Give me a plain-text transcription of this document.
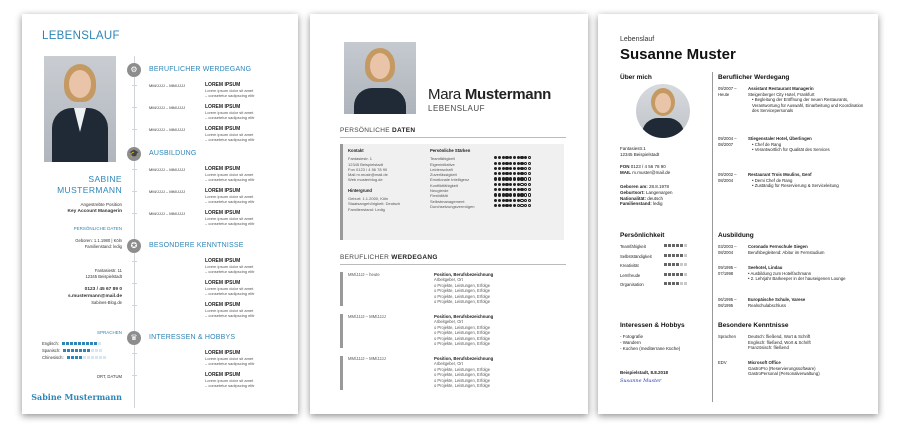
LEBENSLAUF
SABINE
MUSTERMANN
Angestrebte Position
Key Account Managerin
PERSÖNLICHE DATEN
Geboren: 1.1.1980 | Köln
Familienstand: ledig
Fantasiestr. 11
12345 Beispielstadt
0123 / 45 67 89 0
s.mustermann@mail.de
Sabines-Blog.de
SPRACHEN
Englisch:
Spanisch:
Chinesisch:
ORT, DATUM
Sabine Mustermann
⚙	BERUFLICHER WERDEGANG
MM/JJJJ – MM/JJJJ	LOREM IPSUM
Lorem ipsum dolor sit amet
– consetetur sadipscing elitr
MM/JJJJ – MM/JJJJ	LOREM IPSUM
Lorem ipsum dolor sit amet
– consetetur sadipscing elitr
MM/JJJJ – MM/JJJJ	LOREM IPSUM
Lorem ipsum dolor sit amet
– consetetur sadipscing elitr
🎓 AUSBILDUNG
MM/JJJJ – MM/JJJJ	LOREM IPSUM
Lorem ipsum dolor sit amet
– consetetur sadipscing elitr
MM/JJJJ – MM/JJJJ	LOREM IPSUM
Lorem ipsum dolor sit amet
– consetetur sadipscing elitr
MM/JJJJ – MM/JJJJ	LOREM IPSUM
Lorem ipsum dolor sit amet
– consetetur sadipscing elitr
✪	BESONDERE KENNTNISSE
LOREM IPSUM
Lorem ipsum dolor sit amet
– consetetur sadipscing elitr
LOREM IPSUM
Lorem ipsum dolor sit amet
– consetetur sadipscing elitr
LOREM IPSUM
Lorem ipsum dolor sit amet
– consetetur sadipscing elitr
♛	INTERESSEN & HOBBYS
LOREM IPSUM
Lorem ipsum dolor sit amet
– consetetur sadipscing elitr
LOREM IPSUM
Lorem ipsum dolor sit amet
– consetetur sadipscing elitr
Mara Mustermann
LEBENSLAUF
PERSÖNLICHE DATEN
Kontakt
Fantasiestr. 1
12345 Beispielstadt
Fon 0123 / 4 56 78 90
Mail m.mustr@mail.de
Web musterblog.de
Hintergrund
Geburt: 1.1.2000, Köln
Staatsangehörigkeit: Deutsch
Familienstand: Ledig
Persönliche Stärken
Teamfähigkeit
Eigeninitiative
Leidenschaft
Zuverlässigkeit
Emotionale Intelligenz
Konfliktfähigkeit
Neugierde
Flexibilität
Selbstmanagement
Durchsetzungsvermögen
BERUFLICHER WERDEGANG
MM/JJJJ – heute	Position, Berufsbezeichnung
Arbeitgeber, Ort
o Projekte, Leistungen, Erfolge
o Projekte, Leistungen, Erfolge
o Projekte, Leistungen, Erfolge
o Projekte, Leistungen, Erfolge
MM/JJJJ – MM/JJJJ	Position, Berufsbezeichnung
Arbeitgeber, Ort
o Projekte, Leistungen, Erfolge
o Projekte, Leistungen, Erfolge
o Projekte, Leistungen, Erfolge
o Projekte, Leistungen, Erfolge
MM/JJJJ – MM/JJJJ	Position, Berufsbezeichnung
Arbeitgeber, Ort
o Projekte, Leistungen, Erfolge
o Projekte, Leistungen, Erfolge
o Projekte, Leistungen, Erfolge
o Projekte, Leistungen, Erfolge
Lebenslauf
Susanne Muster
Über mich
Fantasiestr.1
12345 Beispielstadt
FON 0123 / 4 56 78 90
MAIL m.muster@mail.de
Geboren am: 28.8.1978
Geburtsort: Langenargen
Nationalität: deutsch
Familienstand: ledig
Persönlichkeit
Teamfähigkeit
Selbstständigkeit
Kreativität
Lernfreude
Organisation
Interessen & Hobbys
- Fotografie
- Wandern
- Kochen (mediterrane Küche)
Beispielstadt, 8.8.2018
Susanne Muster
Beruflicher Werdegang
09/2007 –
Heute
Assistant Restaurant Managerin
Steigenberger City Hotel, Frankfurt
• Begleitung der Eröffnung der neuen Restaurants, Verantwortung für Auswahl, Einarbeitung und Koordination des Servicepersonals
09/2004 –
08/2007
Stiegenstaler Hotel, Überlingen
• Chef de Rang
• Verantwortlich für Qualität des Services
09/2002 –
08/2004
Restaurant Trois Moulins, Genf
• Demi Chef de Rang
• Zuständig für Reservierung & Serviceleitung
Ausbildung
03/2003 –
08/2004
Coronado Fernschule Siegen
Berufsbegleitend: Abitur im Fernstudium
09/1995 –
07/1998
Seehotel, Lindau
• Ausbildung zum Hotelfachmann
• 2. Lehrjahr Barkeeper in der hauseigenen Lounge
06/1995 –
08/1995
Europäische Schule, Varese
Realschulabschluss
Besondere Kenntnisse
Sprachen	Deutsch: fließend, Wort & Schrift
Englisch: fließend, Wort & Schrift
Französisch: fließend
EDV	Microsoft Office
GastroPro (Reservierungssoftware)
GastroPersonal (Personalverwaltung)
